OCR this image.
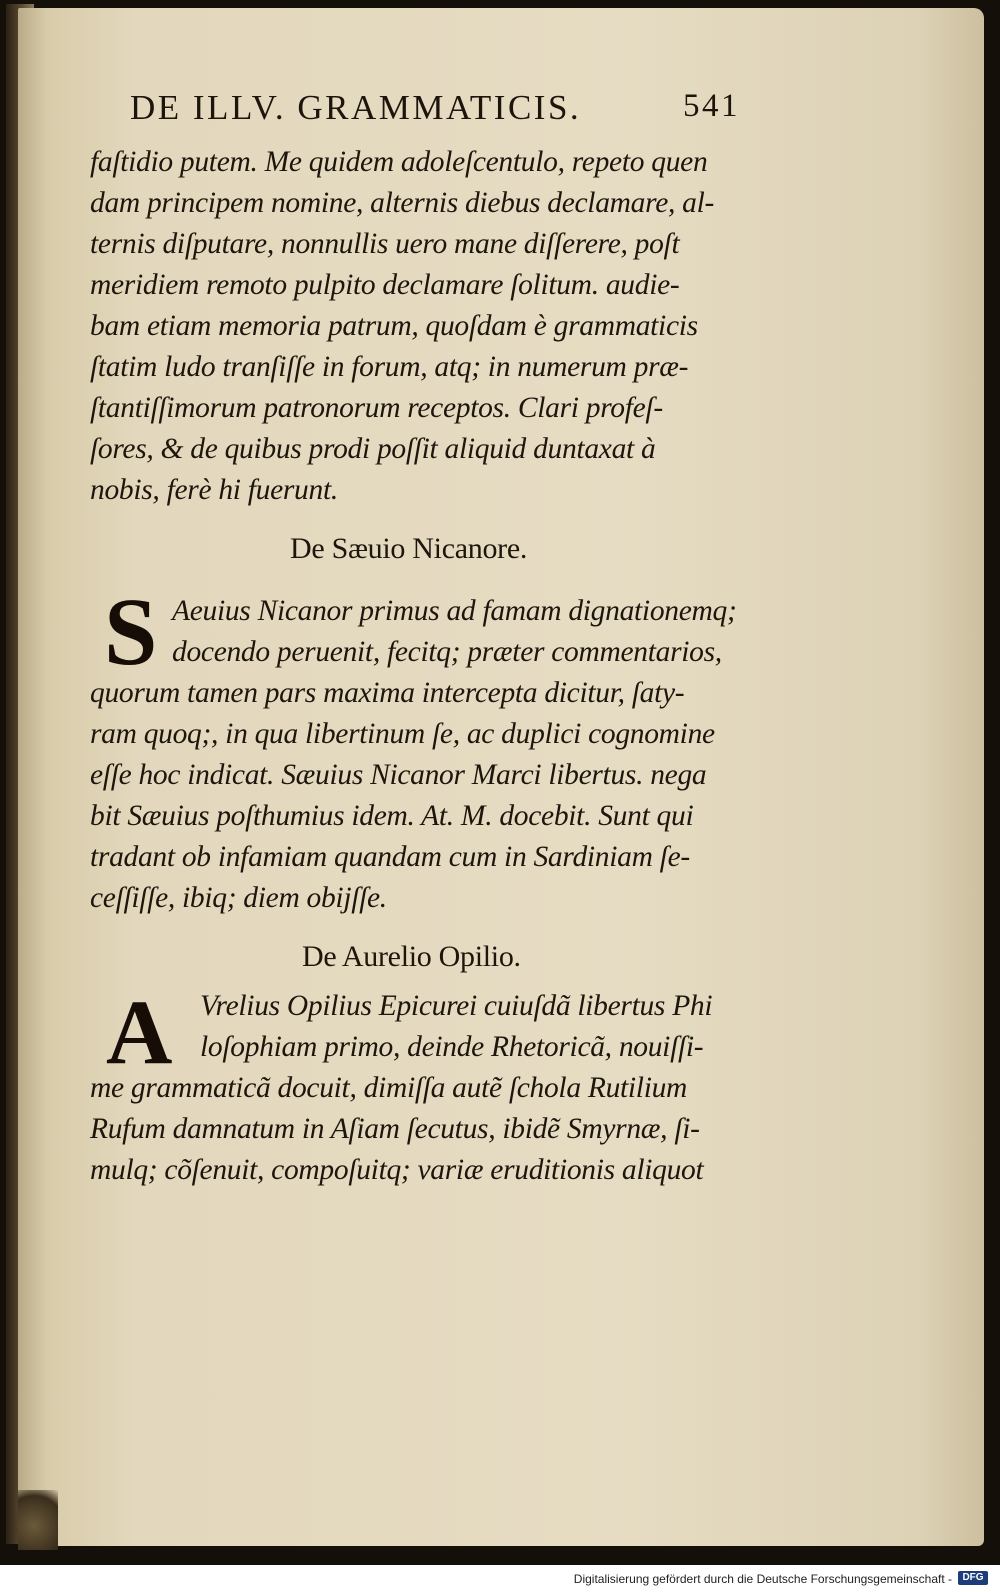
DE ILLV. GRAMMATICIS.	541
faſtidio putem. Me quidem adoleſcentulo, repeto quen
dam principem nomine, alternis diebus declamare, al-
ternis diſputare, nonnullis uero mane diſſerere, poſt
meridiem remoto pulpito declamare ſolitum. audie-
bam etiam memoria patrum, quoſdam è grammaticis
ſtatim ludo tranſiſſe in forum, atq; in numerum præ-
ſtantiſſimorum patronorum receptos. Clari profeſ-
ſores, & de quibus prodi poſſit aliquid duntaxat à
nobis, ferè hi fuerunt.
De Sæuio Nicanore.
S Aeuius Nicanor primus ad famam dignationemq;
docendo peruenit, fecitq; præter commentarios,
quorum tamen pars maxima intercepta dicitur, ſaty-
ram quoq;, in qua libertinum ſe, ac duplici cognomine
eſſe hoc indicat. Sæuius Nicanor Marci libertus. nega
bit Sæuius poſthumius idem. At. M. docebit. Sunt qui
tradant ob infamiam quandam cum in Sardiniam ſe-
ceſſiſſe, ibiq; diem obijſſe.
De Aurelio Opilio.
A Vrelius Opilius Epicurei cuiuſdã libertus Phi
loſophiam primo, deinde Rhetoricã, nouiſſi-
me grammaticã docuit, dimiſſa autẽ ſchola Rutilium
Rufum damnatum in Aſiam ſecutus, ibidẽ Smyrnæ, ſi-
mulq; cõſenuit, compoſuitq; variæ eruditionis aliquot
Digitalisierung gefördert durch die Deutsche Forschungsgemeinschaft -	DFG
